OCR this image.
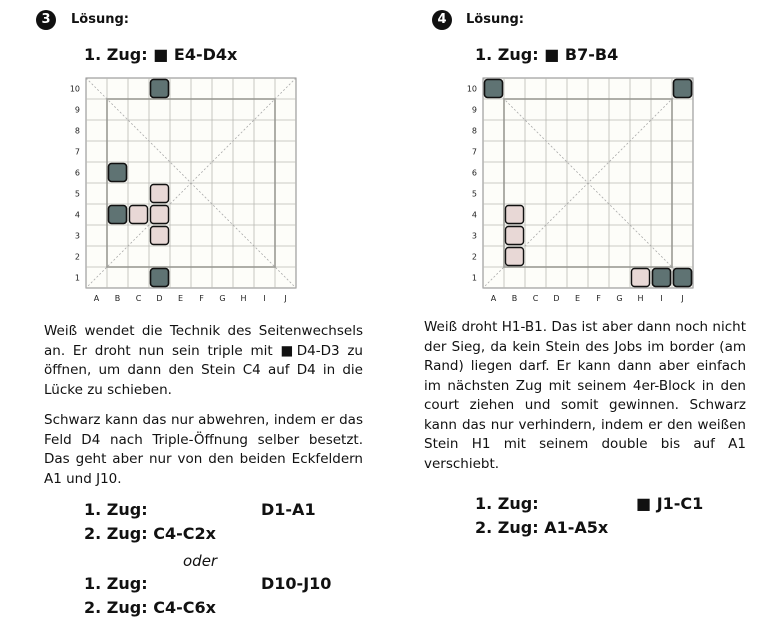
3	Lösung:
1. Zug: ■ E4-D4x
10
9
8
7
6
5
4
3
2
1
A B C D E F G H I J

Weiß wendet die Technik des Seitenwechsels an. Er droht nun sein triple mit ■D4-D3 zu öffnen, um dann den Stein C4 auf D4 in die Lücke zu schieben.

Schwarz kann das nur abwehren, indem er das Feld D4 nach Triple-Öffnung selber besetzt. Das geht aber nur von den beiden Eckfeldern A1 und J10.

1. Zug:	D1-A1
2. Zug: C4-C2x
oder
1. Zug:	D10-J10
2. Zug: C4-C6x
4	Lösung:
1. Zug: ■ B7-B4
10
9
8
7
6
5
4
3
2
1
A B C D E F G H I J

Weiß droht H1-B1. Das ist aber dann noch nicht der Sieg, da kein Stein des Jobs im border (am Rand) liegen darf. Er kann dann aber einfach im nächsten Zug mit seinem 4er-Block in den court ziehen und somit gewinnen. Schwarz kann das nur verhindern, indem er den weißen Stein H1 mit seinem double bis auf A1 verschiebt.

1. Zug:	■ J1-C1
2. Zug: A1-A5x
